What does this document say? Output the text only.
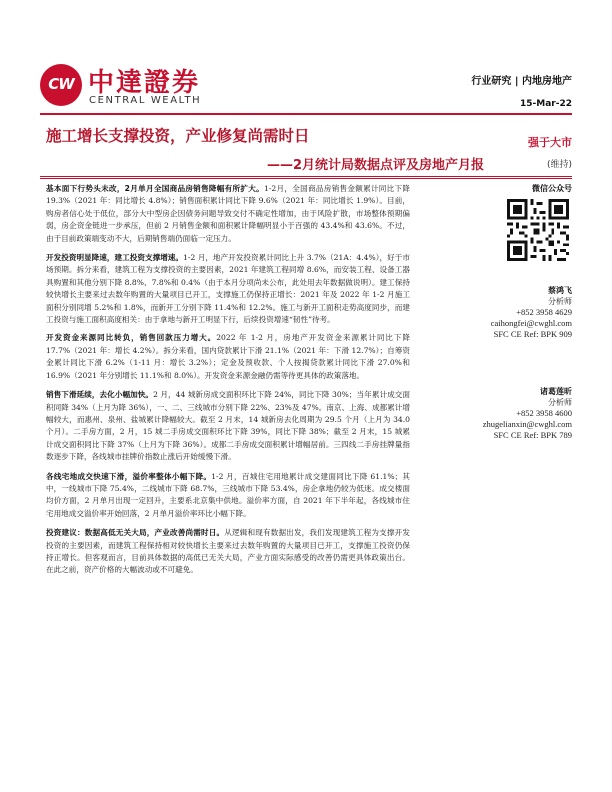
CW 中達證券
CENTRAL WEALTH
行业研究 | 内地房地产
15-Mar-22
施工增长支撑投资，产业修复尚需时日
——2月统计局数据点评及房地产月报
强于大市
(维持)

基本面下行势头未改，2月单月全国商品房销售降幅有所扩大。1-2月，全国商品房销售金额累计同比下降 19.3%（2021 年：同比增长 4.8%）；销售面积累计同比下降 9.6%（2021 年：同比增长 1.9%）。目前，购房者信心处于低位，部分大中型房企因债务问题导致交付不确定性增加，由于风险扩散，市场整体预期偏弱，房企资金链进一步承压，但前 2 月销售金额和面积累计降幅明显小于百强的 43.4%和 43.6%。不过，由于目前政策端变动不大，后期销售端仍面临一定压力。

开发投资明显降速，建工投资支撑增速。1-2 月，地产开发投资累计同比上升 3.7%（21A：4.4%），好于市场预期。拆分来看，建筑工程为支撑投资的主要因素，2021 年建筑工程同增 8.6%，而安装工程、设备工器具购置和其他分别下降 8.8%、7.8%和 0.4%（由于本月分项尚未公布，此处用去年数据做说明）。建工保持较快增长主要来过去数年购置的大量项目已开工，支撑施工仍保持正增长：2021 年及 2022 年 1-2 月施工面积分别同增 5.2%和 1.8%，而新开工分别下降 11.4%和 12.2%。施工与新开工面积走势高度同步，而建工投资与施工面积高度相关：由于拿地与新开工明显下行，后续投资增速“韧性”待考。

开发资金来源同比转负，销售回款压力增大。2022 年 1-2 月，房地产开发资金来源累计同比下降 17.7%（2021 年：增长 4.2%）。拆分来看，国内贷款累计下滑 21.1%（2021 年：下滑 12.7%）；自筹资金累计同比下滑 6.2%（1-11 月：增长 3.2%）；定金及预收款、个人按揭贷款累计同比下滑 27.0%和 16.9%（2021 年分别增长 11.1%和 8.0%）。开发资金来源金融仍需等待更具体的政策落地。

销售下滑延续，去化小幅加快。2 月，44 城新房成交面积环比下降 24%，同比下降 30%；当年累计成交面积同降 34%（上月为降 36%），一、二、三线城市分别下降 22%、23%及 47%。南京、上海、成都累计增幅较大，而惠州、泉州、盐城累计降幅较大。截至 2 月末，14 城新房去化周期为 29.5 个月（上月为 34.0 个月）。二手房方面，2 月，15 城二手房成交面积环比下降 39%，同比下降 38%；截至 2 月末，15 城累计成交面积同比下降 37%（上月为下降 36%）。成都二手房成交面积累计增幅居前。三四线二手房挂牌量指数逐步下降，各线城市挂牌价指数止涨后开始缓慢下滑。

各线宅地成交快速下滑，溢价率整体小幅下降。1-2 月，百城住宅用地累计成交建面同比下降 61.1%；其中，一线城市下降 75.4%，二线城市下降 68.7%，三线城市下降 53.4%，房企拿地仍较为低迷。成交楼面均价方面，2 月单月出现一定回升，主要系北京集中供地。溢价率方面，自 2021 年下半年起，各线城市住宅用地成交溢价率开始回落，2 月单月溢价率环比小幅下降。

投资建议：数据高低无关大局，产业改善尚需时日。从逻辑和现有数据出发，我们发现建筑工程为支撑开发投资的主要因素，而建筑工程保持相对较快增长主要来过去数年购置的大量项目已开工，支撑施工投资仍保持正增长。但客观而言，目前具体数据的高低已无关大局，产业方面实际感受的改善仍需更具体政策出台。在此之前，资产价格的大幅波动或不可避免。

微信公众号
蔡鸿飞
分析师
+852 3958 4629
caihongfei@cwghl.com
SFC CE Ref: BPK 909
诸葛莲昕
分析师
+852 3958 4600
zhugelianxin@cwghl.com
SFC CE Ref: BPK 789
